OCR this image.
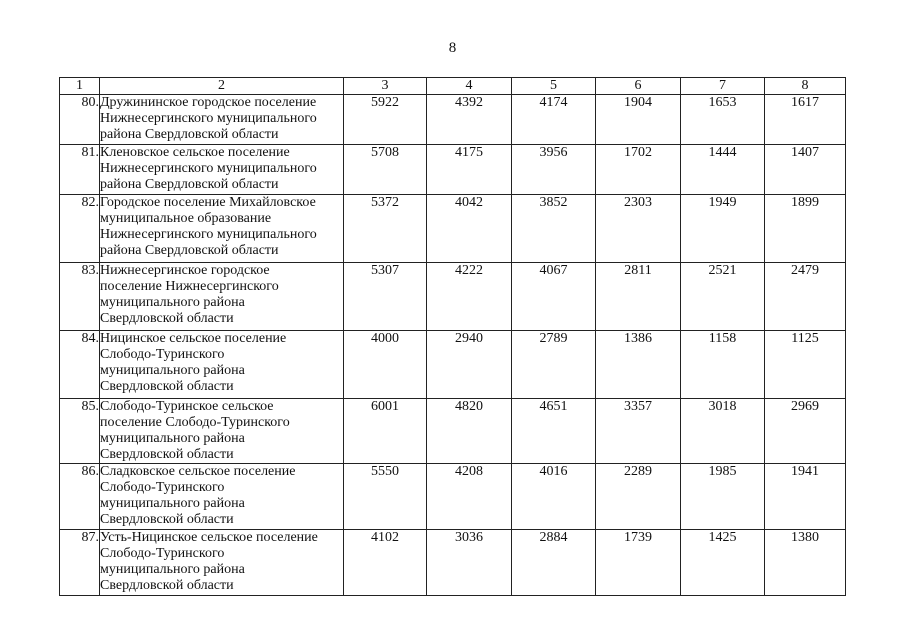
8
1	2	3	4	5	6	7	8
80.	Дружининское городское поселение
Нижнесергинского муниципального
района Свердловской области	5922	4392	4174	1904	1653	1617
81.	Кленовское сельское поселение
Нижнесергинского муниципального
района Свердловской области	5708	4175	3956	1702	1444	1407
82.	Городское поселение Михайловское
муниципальное образование
Нижнесергинского муниципального
района Свердловской области	5372	4042	3852	2303	1949	1899
83.	Нижнесергинское городское
поселение Нижнесергинского
муниципального района
Свердловской области	5307	4222	4067	2811	2521	2479
84.	Ницинское сельское поселение
Слободо-Туринского
муниципального района
Свердловской области	4000	2940	2789	1386	1158	1125
85.	Слободо-Туринское сельское
поселение Слободо-Туринского
муниципального района
Свердловской области	6001	4820	4651	3357	3018	2969
86.	Сладковское сельское поселение
Слободо-Туринского
муниципального района
Свердловской области	5550	4208	4016	2289	1985	1941
87.	Усть-Ницинское сельское поселение
Слободо-Туринского
муниципального района
Свердловской области	4102	3036	2884	1739	1425	1380
